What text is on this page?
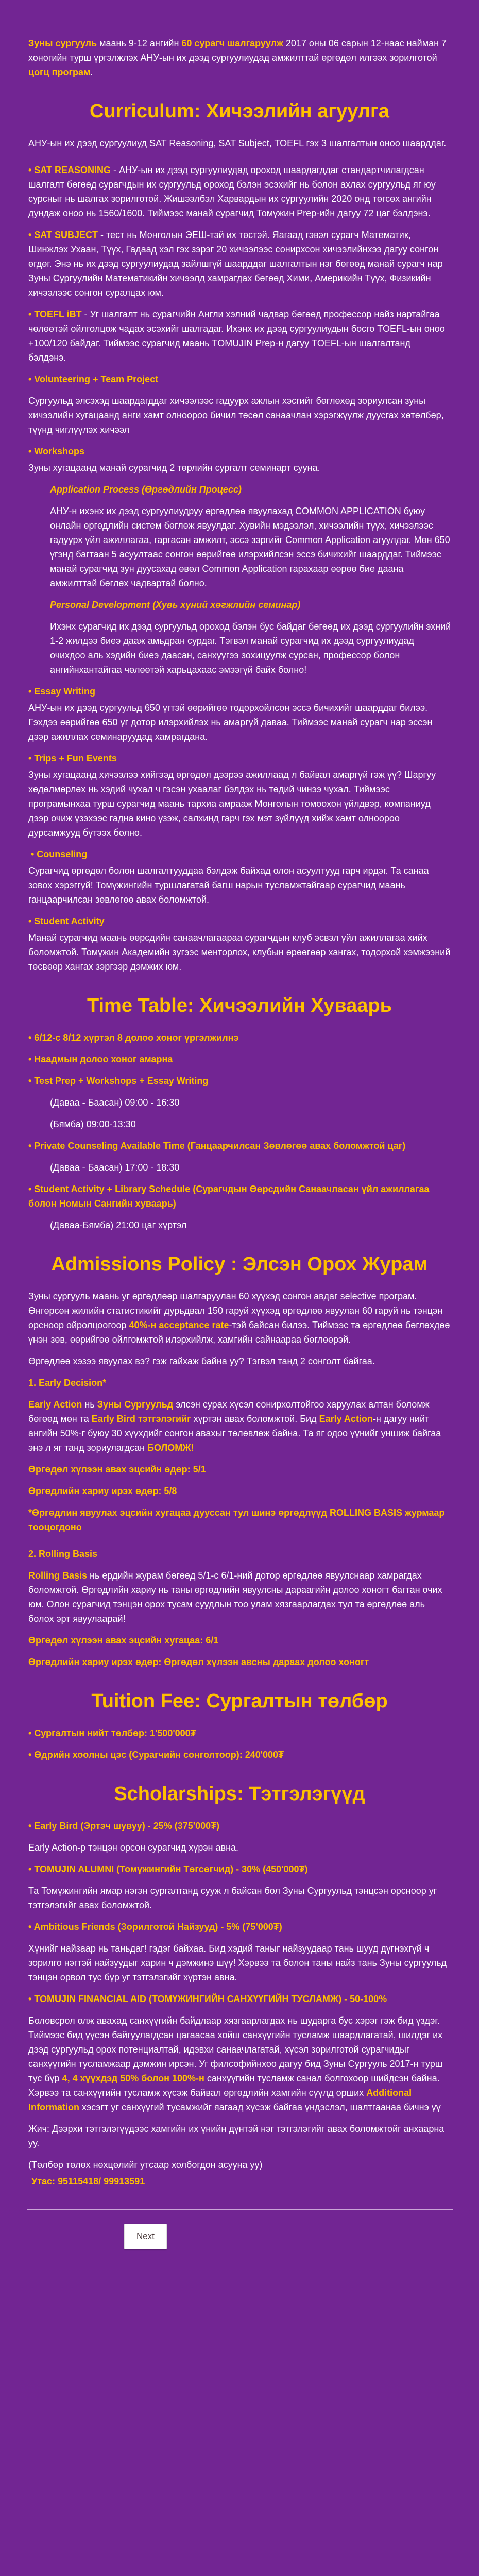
Зуны сургууль маань 9-12 ангийн 60 сурагч шалгаруулж 2017 оны 06 сарын 12-наас найман 7 хоногийн турш үргэлжлэх АНУ-ын их дээд сургуулиудад амжилттай өргөдөл илгээх зорилготой цогц програм.
Curriculum: Хичээлийн агуулга
АНУ-ын их дээд сургуулиуд SAT Reasoning, SAT Subject, TOEFL гэх 3 шалгалтын оноо шаарддаг.
• SAT REASONING - АНУ-ын их дээд сургуулиудад ороход шаардагддаг стандартчилагдсан шалгалт бөгөөд сурагчдын их сургуульд ороход бэлэн эсэхийг нь болон ахлах сургуульд яг юу сурсныг нь шалгах зорилготой. Жишээлбэл Харвардын их сургуулийн 2020 онд төгсөх ангийн дундаж оноо нь 1560/1600. Тиймээс манай сурагчид Томүжин Prep-ийн дагуу 72 цаг бэлдэнэ.
• SAT SUBJECT - тест нь Монголын ЭЕШ-тэй их төстэй. Яагаад гэвэл сурагч Математик, Шинжлэх Ухаан, Түүх, Гадаад хэл гэх зэрэг 20 хичээлээс сонирхсон хичээлийнхээ дагуу сонгон өгдөг. Энэ нь их дээд сургуулиудад зайлшгүй шаарддаг шалгалтын нэг бөгөөд манай сурагч нар Зуны Сургуулийн Математикийн хичээлд хамрагдах бөгөөд Хими, Америкийн Түүх, Физикийн хичээлээс сонгон суралцах юм.
• TOEFL iBT - Уг шалгалт нь сурагчийн Англи хэлний чадвар бөгөөд профессор найз нартайгаа чөлөөтэй ойлголцож чадах эсэхийг шалгадаг. Ихэнх их дээд сургуулиудын босго TOEFL-ын оноо +100/120 байдаг. Тиймээс сурагчид маань TOMUJIN Prep-н дагуу TOEFL-ын шалгалтанд бэлдэнэ.
• Volunteering + Team Project
Сургуульд элсэхэд шаардагддаг хичээлээс гадуурх ажлын хэсгийг бөглөхөд зориулсан зуны хичээлийн хугацаанд анги хамт олноороо бичил төсөл санаачлан хэрэгжүүлж дуусгах хөтөлбөр, түүнд чиглүүлэх хичээл
• Workshops
Зуны хугацаанд манай сурагчид 2 төрлийн сургалт семинарт сууна.
Application Process (Өргөдлийн Процесс)
АНУ-н ихэнх их дээд сургуулиудруу өргөдлөө явуулахад COMMON APPLICATION буюу онлайн өргөдлийн систем бөглөж явуулдаг. Хувийн мэдээлэл, хичээлийн түүх, хичээлээс гадуурх үйл ажиллагаа, гаргасан амжилт, эссэ зэргийг Common Application агуулдаг. Мөн 650 үгэнд багтаан 5 асуултаас сонгон өөрийгөө илэрхийлсэн эссэ бичихийг шаарддаг. Тиймээс манай сурагчид зун дуусахад өвөл Common Application гарахаар өөрөө бие даана амжилттай бөглөх чадвартай болно.
Personal Development (Хувь хүний хөгжлийн семинар)
Ихэнх сурагчид их дээд сургуульд ороход бэлэн бус байдаг бөгөөд их дээд сургуулийн эхний 1-2 жилдээ биеэ дааж амьдран сурдаг. Тэгвэл манай сурагчид их дээд сургуулиудад очихдоо аль хэдийн биеэ даасан, санхүүгээ зохицуулж сурсан, профессор болон ангийнхантайгаа чөлөөтэй харьцахаас эмээгүй байх болно!
• Essay Writing
АНУ-ын их дээд сургуульд 650 үгтэй өөрийгөө тодорхойлсон эссэ бичихийг шаарддаг билээ. Гэхдээ өөрийгөө 650 үг дотор илэрхийлэх нь амаргүй даваа. Тиймээс манай сурагч нар эссэн дээр ажиллах семинаруудад хамрагдана.
• Trips + Fun Events
Зуны хугацаанд хичээлээ хийгээд өргөдөл дээрээ ажиллаад л байвал амаргүй гэж үү? Шаргуу хөдөлмөрлөх нь хэдий чухал ч гэсэн ухаалаг бэлдэх нь төдий чинээ чухал. Тиймээс програмынхаа турш сурагчид маань тархиа амрааж Монголын томоохон үйлдвэр, компаниуд дээр очиж үзэхээс гадна кино үзэж, салхинд гарч гэх мэт зүйлүүд хийж хамт олноороо дурсамжууд бүтээх болно.
• Counseling
Сурагчид өргөдөл болон шалгалтууддаа бэлдэж байхад олон асуултууд гарч ирдэг. Та санаа зовох хэрэггүй! Томүжингийн туршлагатай багш нарын тусламжтайгаар сурагчид маань ганцаарчилсан зөвлөгөө авах боломжтой.
• Student Activity
Манай сурагчид маань өөрсдийн санаачлагаараа сурагчдын клуб эсвэл үйл ажиллагаа хийх боломжтой. Томүжин Академийн зүгээс менторлох, клубын өрөөгөөр хангах, тодорхой хэмжээний төсвөөр хангах зэргээр дэмжих юм.
Time Table: Хичээлийн Хуваарь
• 6/12-с 8/12 хүртэл 8 долоо хоног үргэлжилнэ
• Наадмын долоо хоног амарна
• Test Prep + Workshops + Essay Writing
(Даваа - Баасан) 09:00 - 16:30
(Бямба) 09:00-13:30
• Private Counseling Available Time (Ганцаарчилсан Зөвлөгөө авах боломжтой цаг)
(Даваа - Баасан) 17:00 - 18:30
• Student Activity + Library Schedule (Сурагчдын Өөрсдийн Санаачласан үйл ажиллагаа болон Номын Сангийн хуваарь)
(Даваа-Бямба) 21:00 цаг хүртэл
Admissions Policy : Элсэн Орох Журам
Зуны сургууль маань уг өргөдлөөр шалгаруулан 60 хүүхэд сонгон авдаг selective програм. Өнгөрсөн жилийн статистикийг дурьдвал 150 гаруй хүүхэд өргөдлөө явуулан 60 гаруй нь тэнцэн орсноор ойролцоогоор 40%-н acceptance rate-тэй байсан билээ. Тиймээс та өргөдлөө бөглөхдөө үнэн зөв, өөрийгөө ойлгомжтой илэрхийлж, хамгийн сайнаараа бөглөөрэй.
Өргөдлөө хэзээ явуулах вэ? гэж гайхаж байна уу? Тэгвэл танд 2 сонголт байгаа.
1. Early Decision*
Early Action нь Зуны Сургуульд элсэн сурах хүсэл сонирхолтойгоо харуулах алтан боломж бөгөөд мөн та Early Bird тэтгэлэгийг хүртэн авах боломжтой. Бид Early Action-н дагуу нийт ангийн 50%-г буюу 30 хүүхдийг сонгон авахыг төлөвлөж байна. Та яг одоо үүнийг уншиж байгаа энэ л яг танд зориулагдсан БОЛОМЖ!
Өргөдөл хүлээн авах эцсийн өдөр: 5/1
Өргөдлийн хариу ирэх өдөр: 5/8
*Өргөдлин явуулах эцсийн хугацаа дууссан тул шинэ өргөдлүүд ROLLING BASIS журмаар тооцогдоно
2. Rolling Basis
Rolling Basis нь ердийн журам бөгөөд 5/1-с 6/1-ний дотор өргөдлөө явуулснаар хамрагдах боломжтой. Өргөдлийн хариу нь таны өргөдлийн явуулсны дараагийн долоо хоногт багтан очих юм. Олон сурагчид тэнцэн орох тусам суудлын тоо улам хязгаарлагдах тул та өргөдлөө аль болох эрт явуулаарай!
Өргөдөл хүлээн авах эцсийн хугацаа: 6/1
Өргөдлийн хариу ирэх өдөр: Өргөдөл хүлээн авсны дараах долоо хоногт
Tuition Fee: Сургалтын төлбөр
• Сургалтын нийт төлбөр: 1'500'000₮
• Өдрийн хоолны цэс (Сурагчийн сонголтоор): 240'000₮
Scholarships: Тэтгэлэгүүд
• Early Bird (Эртэч шувуу) - 25% (375'000₮)
Early Action-р тэнцэн орсон сурагчид хүрэн авна.
• TOMUJIN ALUMNI (Томүжингийн Төгсөгчид) - 30% (450'000₮)
Та Томүжингийн ямар нэгэн сургалтанд сууж л байсан бол Зуны Сургуульд тэнцсэн орсноор уг тэтгэлэгийг авах боломжтой.
• Ambitious Friends (Зорилготой Найзууд) - 5% (75'000₮)
Хүнийг найзаар нь таньдаг! гэдэг байхаа. Бид хэдий таныг найзуудаар тань шууд дүгнэхгүй ч зорилго нэгтэй найзуудыг харин ч дэмжинэ шүү! Хэрвээ та болон таны найз тань Зуны сургуульд тэнцэн орвол тус бүр уг тэтгэлэгийг хүртэн авна.
• TOMUJIN FINANCIAL AID (ТОМҮЖИНГИЙН САНХҮҮГИЙН ТУСЛАМЖ) - 50-100%
Боловсрол олж авахад санхүүгийн байдлаар хязгаарлагдах нь шударга бус хэрэг гэж бид үздэг. Тиймээс бид үүсэн байгуулагдсан цагаасаа хойш санхүүгийн тусламж шаардлагатай, шилдэг их дээд сургуульд орох потенциалтай, идэвхи санаачлагатай, хүсэл зорилготой сурагчидыг санхүүгийн тусламжаар дэмжин ирсэн. Уг филсофийнхоо дагуу бид Зуны Сургууль 2017-н турш тус бүр 4, 4 хүүхдэд 50% болон 100%-н санхүүгийн тусламж санал болгохоор шийдсэн байна. Хэрвээ та санхүүгийн тусламж хүсэж байвал өргөдлийн хамгийн сүүлд орших Additional Information хэсэгт уг санхүүгий тусамжийг яагаад хүсэж байгаа үндэслэл, шалтгаанаа бичнэ үү
Жич: Дээрхи тэтгэлэгүүдээс хамгийн их үнийн дүнтэй нэг тэтгэлэгийг авах боломжтойг анхаарна уу.
(Төлбөр төлөх нөхцөлийг утсаар холбогдон асууна уу)
Утас: 95115418/ 99913591
Next
